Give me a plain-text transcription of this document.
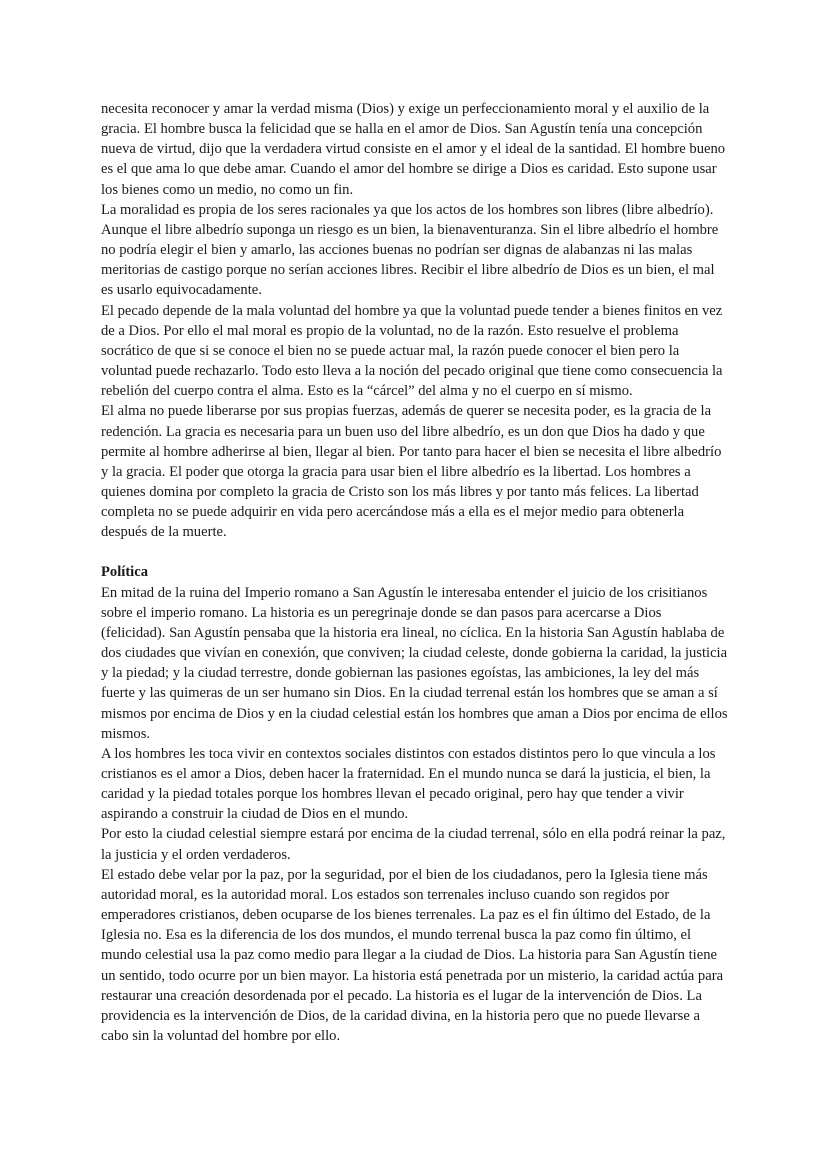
necesita reconocer y amar la verdad misma (Dios) y exige un perfeccionamiento moral y el auxilio de la gracia. El hombre busca la felicidad que se halla en el amor de Dios. San Agustín tenía una concepción nueva de virtud, dijo que la verdadera virtud consiste en el amor y el ideal de la santidad. El hombre bueno es el que ama lo que debe amar. Cuando el amor del hombre se dirige a Dios es caridad. Esto supone usar los bienes como un medio, no como un fin.

La moralidad es propia de los seres racionales ya que los actos de los hombres son libres (libre albedrío). Aunque el libre albedrío suponga un riesgo es un bien, la bienaventuranza. Sin el libre albedrío el hombre no podría elegir el bien y amarlo, las acciones buenas no podrían ser dignas de alabanzas ni las malas meritorias de castigo porque no serían acciones libres. Recibir el libre albedrío de Dios es un bien, el mal es usarlo equivocadamente.

El pecado depende de la mala voluntad del hombre ya que la voluntad puede tender a bienes finitos en vez de a Dios. Por ello el mal moral es propio de la voluntad, no de la razón. Esto resuelve el problema socrático de que si se conoce el bien no se puede actuar mal, la razón puede conocer el bien pero la voluntad puede rechazarlo. Todo esto lleva a la noción del pecado original que tiene como consecuencia la rebelión del cuerpo contra el alma. Esto es la “cárcel” del alma y no el cuerpo en sí mismo.

El alma no puede liberarse por sus propias fuerzas, además de querer se necesita poder, es la gracia de la redención. La gracia es necesaria para un buen uso del libre albedrío, es un don que Dios ha dado y que permite al hombre adherirse al bien, llegar al bien. Por tanto para hacer el bien se necesita el libre albedrío y la gracia. El poder que otorga la gracia para usar bien el libre albedrío es la libertad. Los hombres a quienes domina por completo la gracia de Cristo son los más libres y por tanto más felices. La libertad completa no se puede adquirir en vida pero acercándose más a ella es el mejor medio para obtenerla después de la muerte.

Política

En mitad de la ruina del Imperio romano a San Agustín le interesaba entender el juicio de los crisitianos sobre el imperio romano. La historia es un peregrinaje donde se dan pasos para acercarse a Dios (felicidad). San Agustín pensaba que la historia era lineal, no cíclica. En la historia San Agustín hablaba de dos ciudades que vivían en conexión, que conviven; la ciudad celeste, donde gobierna la caridad, la justicia y la piedad; y la ciudad terrestre, donde gobiernan las pasiones egoístas, las ambiciones, la ley del más fuerte y las quimeras de un ser humano sin Dios. En la ciudad terrenal están los hombres que se aman a sí mismos por encima de Dios y en la ciudad celestial están los hombres que aman a Dios por encima de ellos mismos.

A los hombres les toca vivir en contextos sociales distintos con estados distintos pero lo que vincula a los cristianos es el amor a Dios, deben hacer la fraternidad. En el mundo nunca se dará la justicia, el bien, la caridad y la piedad totales porque los hombres llevan el pecado original, pero hay que tender a vivir aspirando a construir la ciudad de Dios en el mundo.

Por esto la ciudad celestial siempre estará por encima de la ciudad terrenal, sólo en ella podrá reinar la paz, la justicia y el orden verdaderos.

El estado debe velar por la paz, por la seguridad, por el bien de los ciudadanos, pero la Iglesia tiene más autoridad moral, es la autoridad moral. Los estados son terrenales incluso cuando son regidos por emperadores cristianos, deben ocuparse de los bienes terrenales. La paz es el fin último del Estado, de la Iglesia no. Esa es la diferencia de los dos mundos, el mundo terrenal busca la paz como fin último, el mundo celestial usa la paz como medio para llegar a la ciudad de Dios. La historia para San Agustín tiene un sentido, todo ocurre por un bien mayor. La historia está penetrada por un misterio, la caridad actúa para restaurar una creación desordenada por el pecado. La historia es el lugar de la intervención de Dios. La providencia es la intervención de Dios, de la caridad divina, en la historia pero que no puede llevarse a cabo sin la voluntad del hombre por ello.
